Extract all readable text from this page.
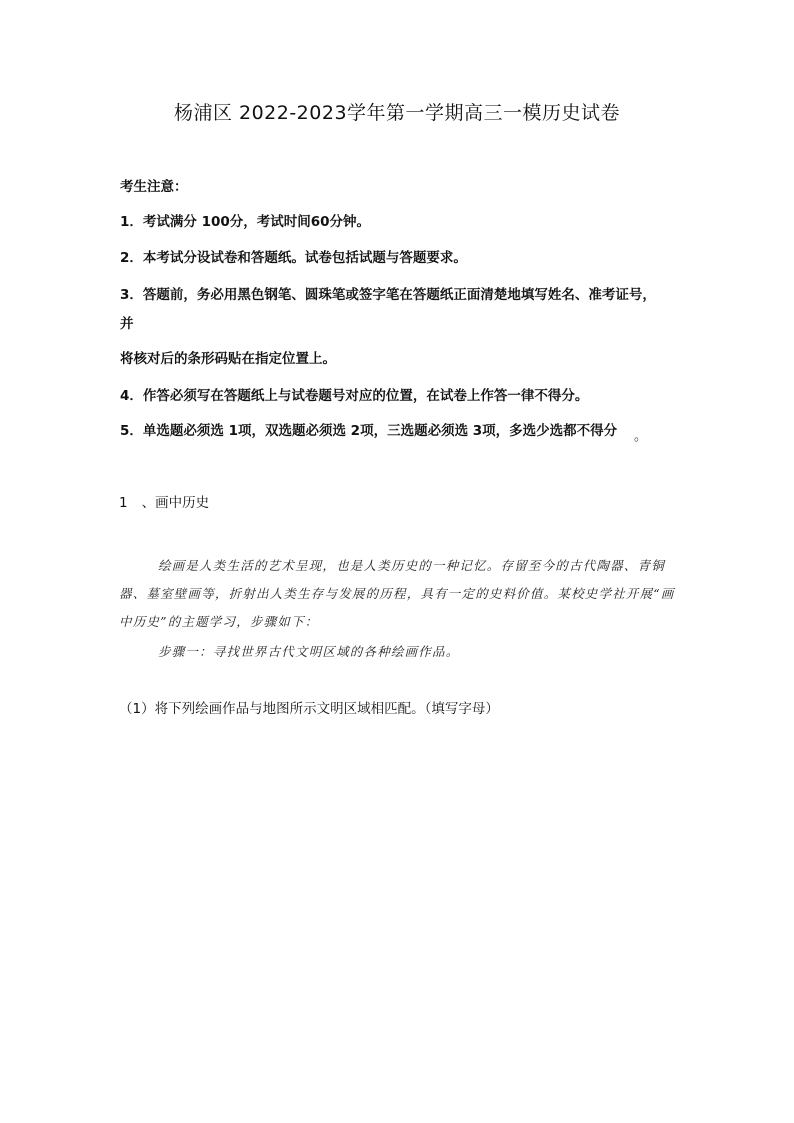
杨浦区 2022-2023学年第一学期高三一模历史试卷
考生注意：
1．考试满分 100分，考试时间60分钟。
2．本考试分设试卷和答题纸。试卷包括试题与答题要求。
3．答题前，务必用黑色钢笔、圆珠笔或签字笔在答题纸正面清楚地填写姓名、准考证号，
并
将核对后的条形码贴在指定位置上。
4．作答必须写在答题纸上与试卷题号对应的位置，在试卷上作答一律不得分。
5．单选题必须选 1项，双选题必须选 2项，三选题必须选 3项，多选少选都不得分 。
1 、画中历史
绘画是人类生活的艺术呈现，也是人类历史的一种记忆。存留至今的古代陶器、青铜
器、墓室壁画等，折射出人类生存与发展的历程，具有一定的史料价值。某校史学社开展“画
中历史”的主题学习，步骤如下：
步骤一：寻找世界古代文明区域的各种绘画作品。
（1）将下列绘画作品与地图所示文明区域相匹配。（填写字母）
